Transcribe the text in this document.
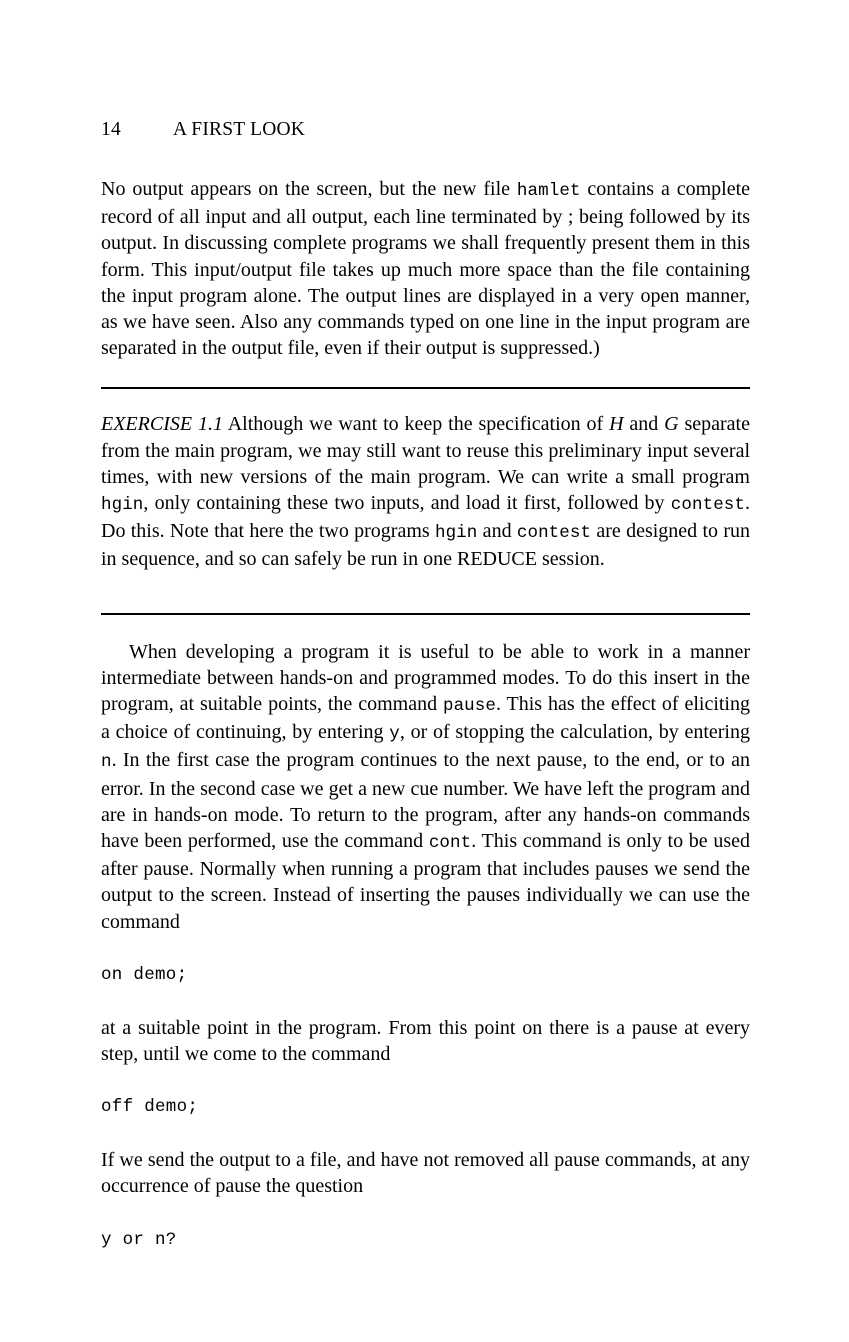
14	A FIRST LOOK

No output appears on the screen, but the new file hamlet contains a complete record of all input and all output, each line terminated by ; being followed by its output. In discussing complete programs we shall frequently present them in this form. This input/output file takes up much more space than the file containing the input program alone. The output lines are displayed in a very open manner, as we have seen. Also any commands typed on one line in the input program are separated in the output file, even if their output is suppressed.)

EXERCISE 1.1 Although we want to keep the specification of H and G separate from the main program, we may still want to reuse this preliminary input several times, with new versions of the main program. We can write a small program hgin, only containing these two inputs, and load it first, followed by contest. Do this. Note that here the two programs hgin and contest are designed to run in sequence, and so can safely be run in one REDUCE session.

When developing a program it is useful to be able to work in a manner intermediate between hands-on and programmed modes. To do this insert in the program, at suitable points, the command pause. This has the effect of eliciting a choice of continuing, by entering y, or of stopping the calculation, by entering n. In the first case the program continues to the next pause, to the end, or to an error. In the second case we get a new cue number. We have left the program and are in hands-on mode. To return to the program, after any hands-on commands have been performed, use the command cont. This command is only to be used after pause. Normally when running a program that includes pauses we send the output to the screen. Instead of inserting the pauses individually we can use the command

on demo;

at a suitable point in the program. From this point on there is a pause at every step, until we come to the command

off demo;

If we send the output to a file, and have not removed all pause commands, at any occurrence of pause the question

y or n?
